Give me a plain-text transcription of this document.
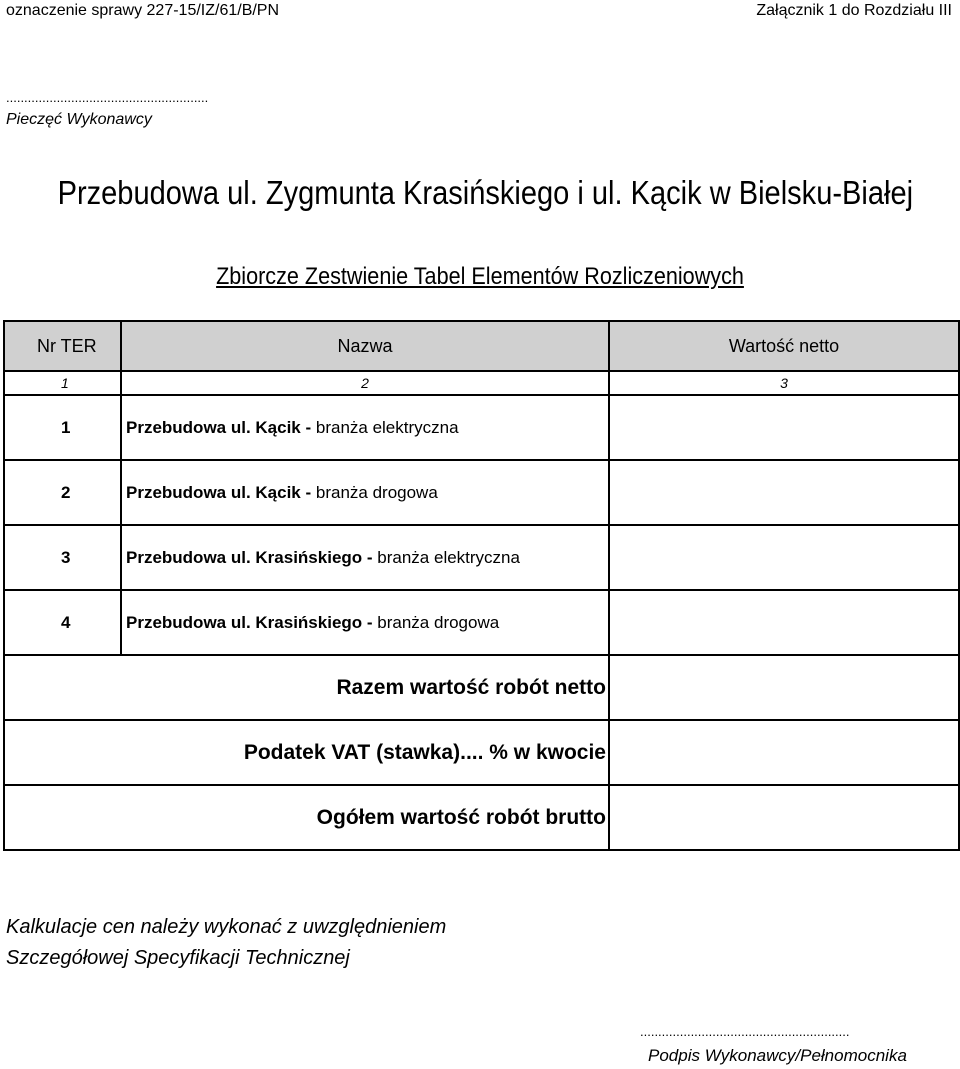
oznaczenie sprawy 227-15/IZ/61/B/PN	Załącznik 1 do Rozdziału III
........................................................
Pieczęć Wykonawcy
Przebudowa ul. Zygmunta Krasińskiego i ul. Kącik w Bielsku-Białej
Zbiorcze Zestwienie Tabel Elementów Rozliczeniowych
Nr TER	Nazwa	Wartość netto
1	2	3
1	Przebudowa ul. Kącik - branża elektryczna	
2	Przebudowa ul. Kącik - branża drogowa	
3	Przebudowa ul. Krasińskiego - branża elektryczna	
4	Przebudowa ul. Krasińskiego - branża drogowa	
Razem wartość robót netto		
Podatek VAT (stawka).... % w kwocie		
Ogółem wartość robót brutto		
Kalkulacje cen należy wykonać z uwzględnieniem
Szczegółowej Specyfikacji Technicznej
..........................................................
Podpis Wykonawcy/Pełnomocnika
